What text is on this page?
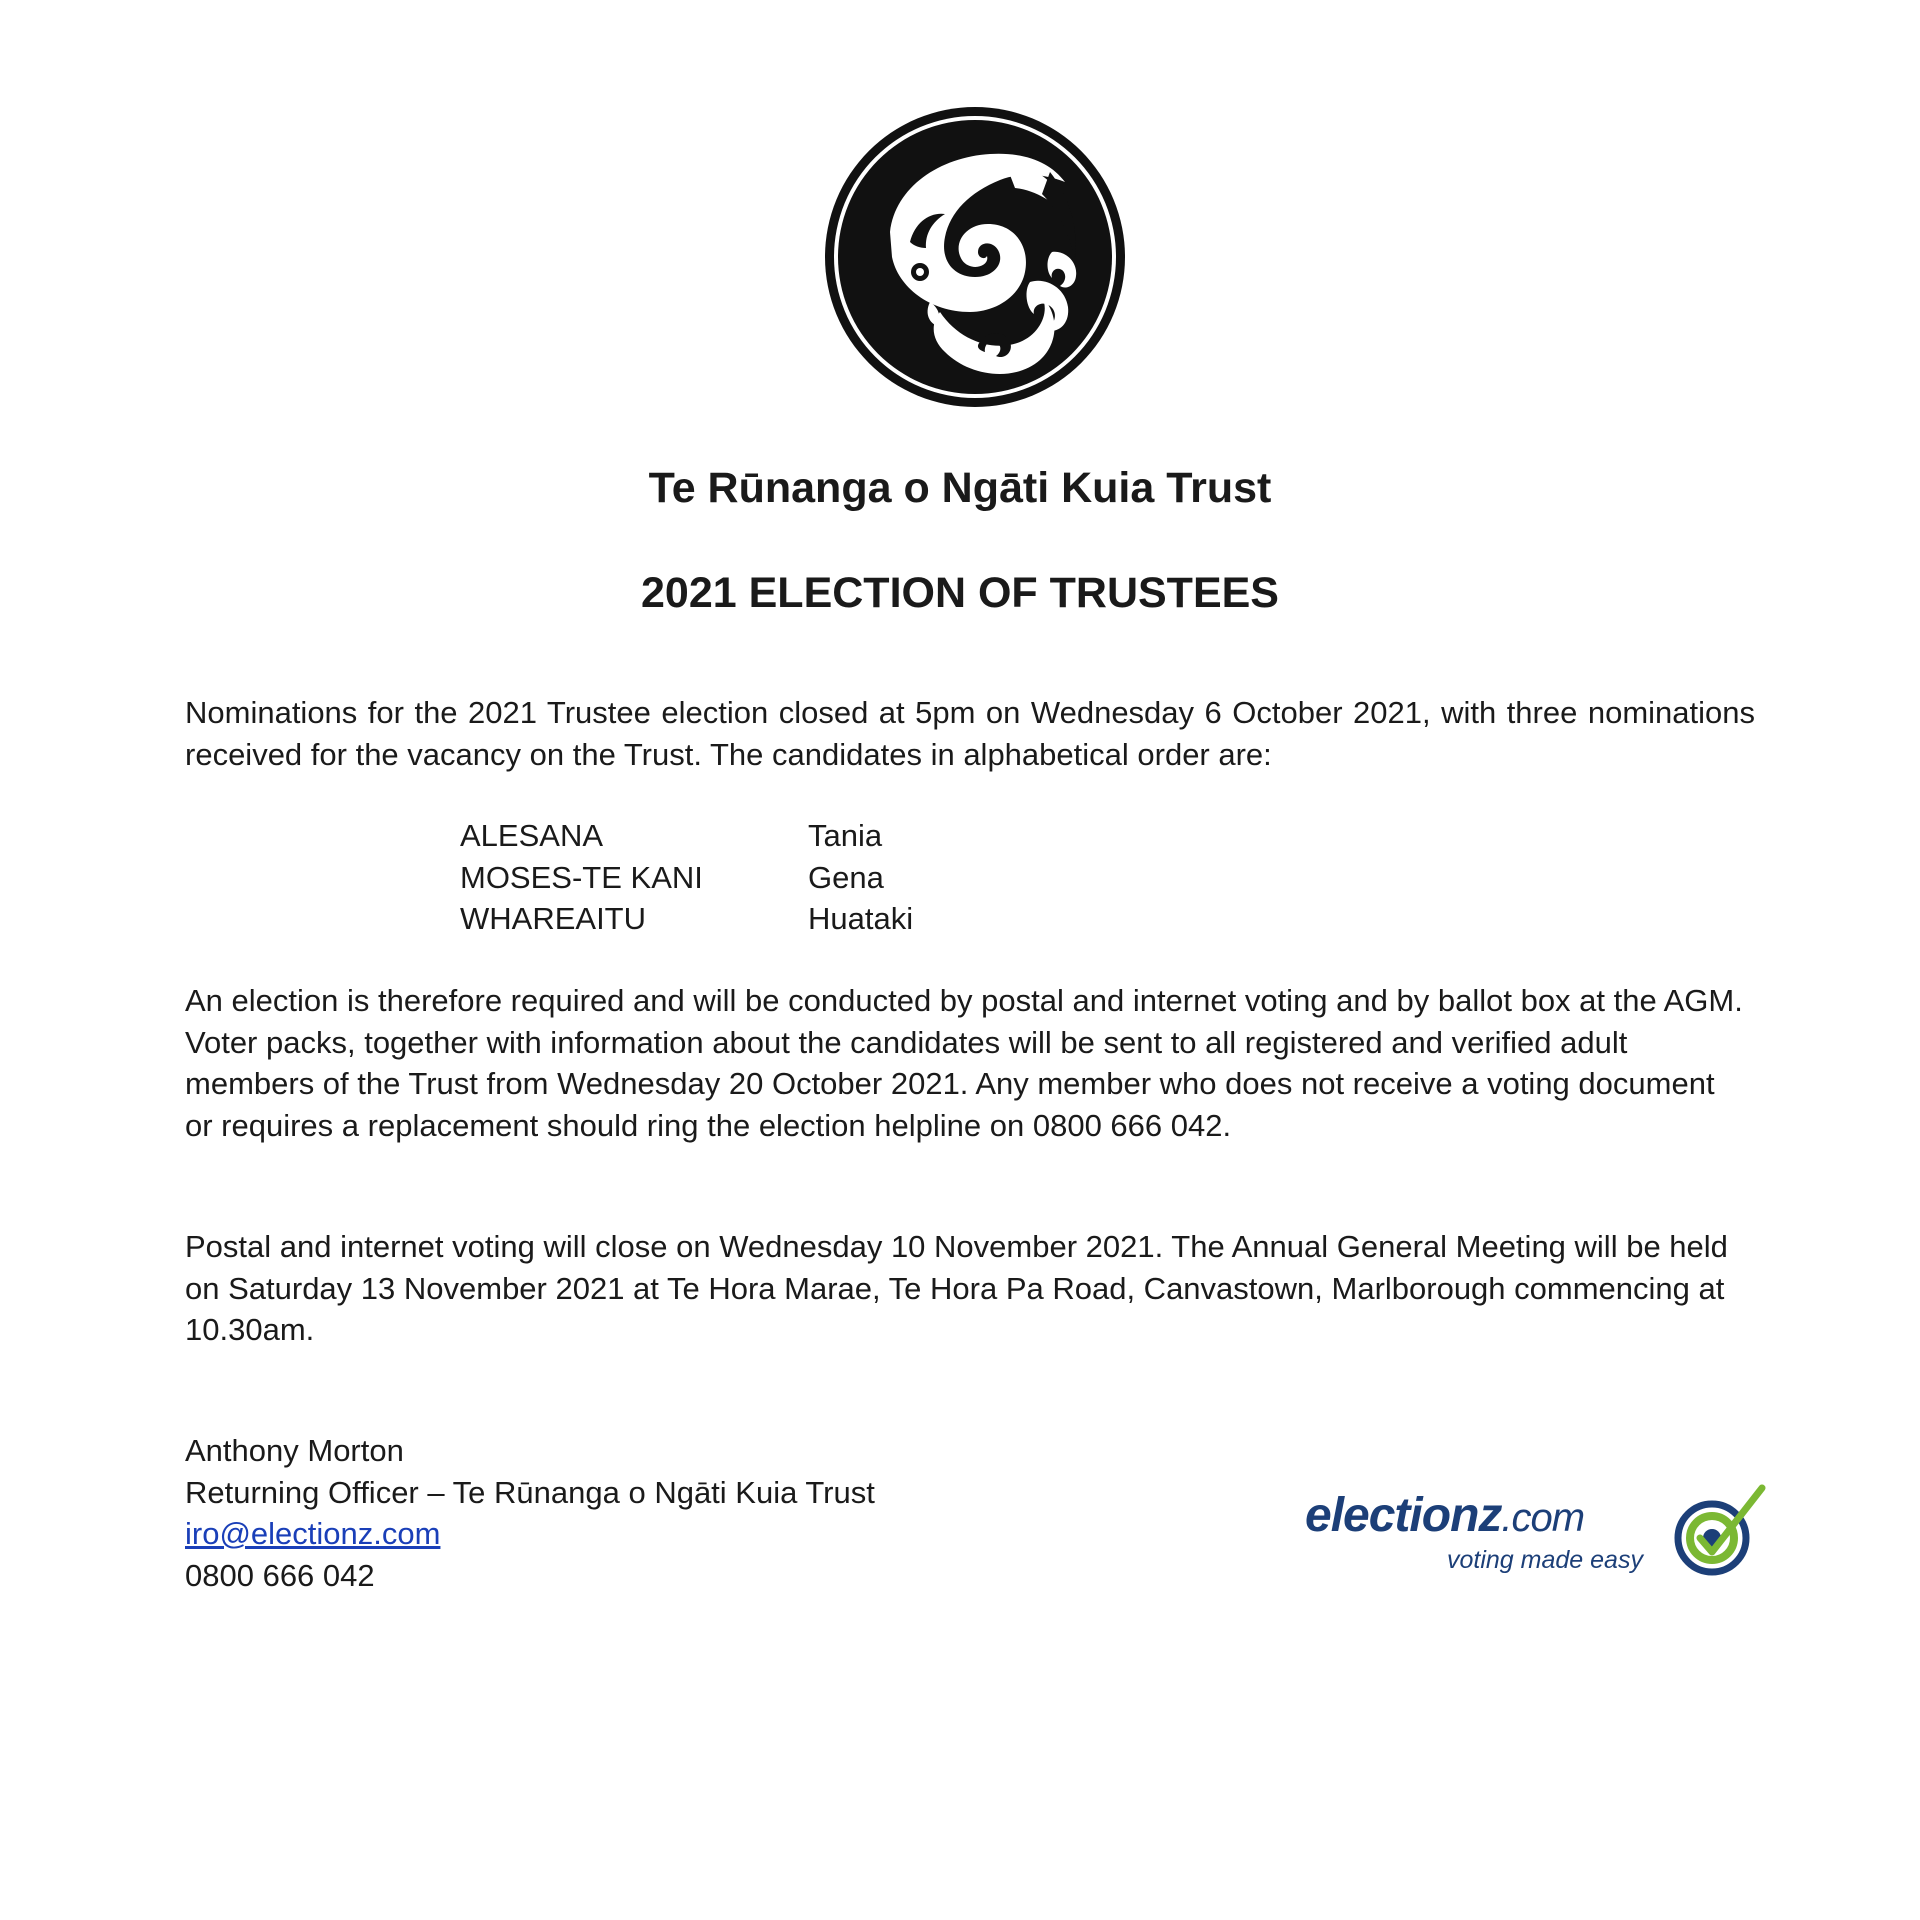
Te Rūnanga o Ngāti Kuia Trust
2021 ELECTION OF TRUSTEES
Nominations for the 2021 Trustee election closed at 5pm on Wednesday 6 October 2021, with three nominations received for the vacancy on the Trust. The candidates in alphabetical order are:
ALESANA	Tania
MOSES-TE KANI	Gena
WHAREAITU	Huataki
An election is therefore required and will be conducted by postal and internet voting and by ballot box at the AGM. Voter packs, together with information about the candidates will be sent to all registered and verified adult members of the Trust from Wednesday 20 October 2021. Any member who does not receive a voting document or requires a replacement should ring the election helpline on 0800 666 042.
Postal and internet voting will close on Wednesday 10 November 2021. The Annual General Meeting will be held on Saturday 13 November 2021 at Te Hora Marae, Te Hora Pa Road, Canvastown, Marlborough commencing at 10.30am.
Anthony Morton
Returning Officer – Te Rūnanga o Ngāti Kuia Trust
iro@electionz.com
0800 666 042
electionz.com
voting made easy
